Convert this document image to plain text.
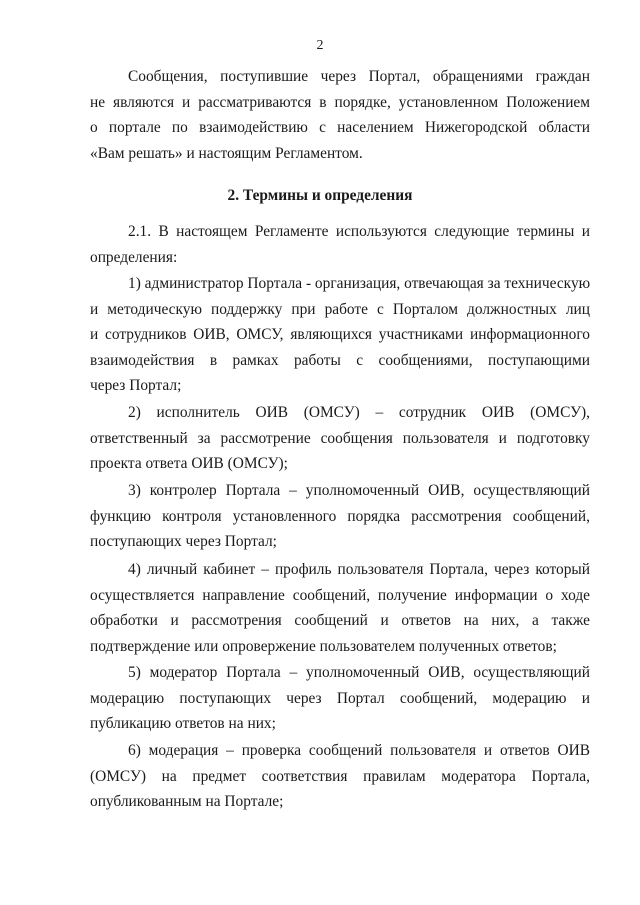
2
Сообщения, поступившие через Портал, обращениями граждан
не являются и рассматриваются в порядке, установленном Положением
о портале по взаимодействию с населением Нижегородской области
«Вам решать» и настоящим Регламентом.
2. Термины и определения
2.1. В настоящем Регламенте используются следующие термины и
определения:
1) администратор Портала - организация, отвечающая за техническую
и методическую поддержку при работе с Порталом должностных лиц
и сотрудников ОИВ, ОМСУ, являющихся участниками информационного
взаимодействия в рамках работы с сообщениями, поступающими
через Портал;
2) исполнитель ОИВ (ОМСУ) – сотрудник ОИВ (ОМСУ),
ответственный за рассмотрение сообщения пользователя и подготовку
проекта ответа ОИВ (ОМСУ);
3) контролер Портала – уполномоченный ОИВ, осуществляющий
функцию контроля установленного порядка рассмотрения сообщений,
поступающих через Портал;
4) личный кабинет – профиль пользователя Портала, через который
осуществляется направление сообщений, получение информации о ходе
обработки и рассмотрения сообщений и ответов на них, а также
подтверждение или опровержение пользователем полученных ответов;
5) модератор Портала – уполномоченный ОИВ, осуществляющий
модерацию поступающих через Портал сообщений, модерацию и
публикацию ответов на них;
6) модерация – проверка сообщений пользователя и ответов ОИВ
(ОМСУ) на предмет соответствия правилам модератора Портала,
опубликованным на Портале;
